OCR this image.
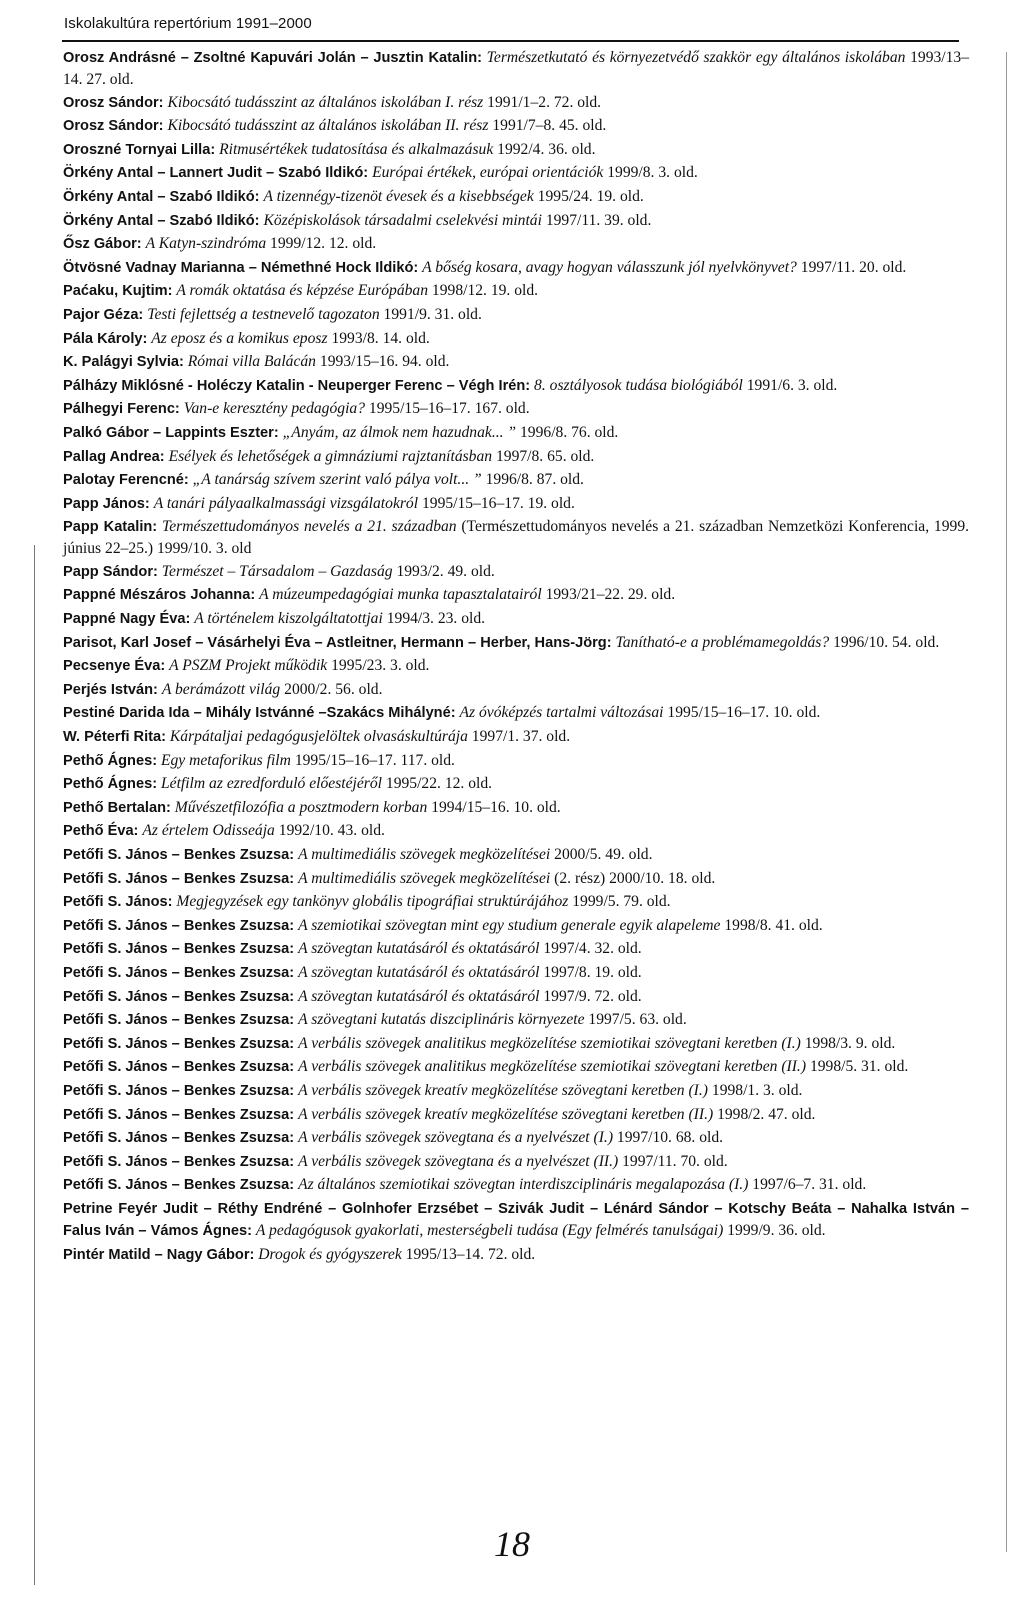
Iskolakultúra repertórium 1991–2000

Orosz Andrásné – Zsoltné Kapuvári Jolán – Jusztin Katalin: Természetkutató és környezetvédő szakkör egy általános iskolában 1993/13–14. 27. old.

Orosz Sándor: Kibocsátó tudásszint az általános iskolában I. rész 1991/1–2. 72. old.

Orosz Sándor: Kibocsátó tudásszint az általános iskolában II. rész 1991/7–8. 45. old.

Oroszné Tornyai Lilla: Ritmusértékek tudatosítása és alkalmazásuk 1992/4. 36. old.

Örkény Antal – Lannert Judit – Szabó Ildikó: Európai értékek, európai orientációk 1999/8. 3. old.

Örkény Antal – Szabó Ildikó: A tizennégy-tizenöt évesek és a kisebbségek 1995/24. 19. old.

Örkény Antal – Szabó Ildikó: Középiskolások társadalmi cselekvési mintái 1997/11. 39. old.

Ősz Gábor: A Katyn-szindróma 1999/12. 12. old.

Ötvösné Vadnay Marianna – Némethné Hock Ildikó: A bőség kosara, avagy hogyan válasszunk jól nyelvkönyvet? 1997/11. 20. old.

Paćaku, Kujtim: A romák oktatása és képzése Európában 1998/12. 19. old.

Pajor Géza: Testi fejlettség a testnevelő tagozaton 1991/9. 31. old.

Pála Károly: Az eposz és a komikus eposz 1993/8. 14. old.

K. Palágyi Sylvia: Római villa Balácán 1993/15–16. 94. old.

Pálházy Miklósné - Holéczy Katalin - Neuperger Ferenc – Végh Irén: 8. osztályosok tudása biológiából 1991/6. 3. old.

Pálhegyi Ferenc: Van-e keresztény pedagógia? 1995/15–16–17. 167. old.

Palkó Gábor – Lappints Eszter: „Anyám, az álmok nem hazudnak... ” 1996/8. 76. old.

Pallag Andrea: Esélyek és lehetőségek a gimnáziumi rajztanításban 1997/8. 65. old.

Palotay Ferencné: „A tanárság szívem szerint való pálya volt... ” 1996/8. 87. old.

Papp János: A tanári pályaalkalmassági vizsgálatokról 1995/15–16–17. 19. old.

Papp Katalin: Természettudományos nevelés a 21. században (Természettudományos nevelés a 21. században Nemzetközi Konferencia, 1999. június 22–25.) 1999/10. 3. old

Papp Sándor: Természet – Társadalom – Gazdaság 1993/2. 49. old.

Pappné Mészáros Johanna: A múzeumpedagógiai munka tapasztalatairól 1993/21–22. 29. old.

Pappné Nagy Éva: A történelem kiszolgáltatottjai 1994/3. 23. old.

Parisot, Karl Josef – Vásárhelyi Éva – Astleitner, Hermann – Herber, Hans-Jörg: Tanítható-e a problémamegoldás? 1996/10. 54. old.

Pecsenye Éva: A PSZM Projekt működik 1995/23. 3. old.

Perjés István: A berámázott világ 2000/2. 56. old.

Pestiné Darida Ida – Mihály Istvánné –Szakács Mihályné: Az óvóképzés tartalmi változásai 1995/15–16–17. 10. old.

W. Péterfi Rita: Kárpátaljai pedagógusjelöltek olvasáskultúrája 1997/1. 37. old.

Pethő Ágnes: Egy metaforikus film 1995/15–16–17. 117. old.

Pethő Ágnes: Létfilm az ezredforduló előestéjéről 1995/22. 12. old.

Pethő Bertalan: Művészetfilozófia a posztmodern korban 1994/15–16. 10. old.

Pethő Éva: Az értelem Odisseája 1992/10. 43. old.

Petőfi S. János – Benkes Zsuzsa: A multimediális szövegek megközelítései 2000/5. 49. old.

Petőfi S. János – Benkes Zsuzsa: A multimediális szövegek megközelítései (2. rész) 2000/10. 18. old.

Petőfi S. János: Megjegyzések egy tankönyv globális tipográfiai struktúrájához 1999/5. 79. old.

Petőfi S. János – Benkes Zsuzsa: A szemiotikai szövegtan mint egy studium generale egyik alapeleme 1998/8. 41. old.

Petőfi S. János – Benkes Zsuzsa: A szövegtan kutatásáról és oktatásáról 1997/4. 32. old.

Petőfi S. János – Benkes Zsuzsa: A szövegtan kutatásáról és oktatásáról 1997/8. 19. old.

Petőfi S. János – Benkes Zsuzsa: A szövegtan kutatásáról és oktatásáról 1997/9. 72. old.

Petőfi S. János – Benkes Zsuzsa: A szövegtani kutatás diszciplináris környezete 1997/5. 63. old.

Petőfi S. János – Benkes Zsuzsa: A verbális szövegek analitikus megközelítése szemiotikai szövegtani keretben (I.) 1998/3. 9. old.

Petőfi S. János – Benkes Zsuzsa: A verbális szövegek analitikus megközelítése szemiotikai szövegtani keretben (II.) 1998/5. 31. old.

Petőfi S. János – Benkes Zsuzsa: A verbális szövegek kreatív megközelítése szövegtani keretben (I.) 1998/1. 3. old.

Petőfi S. János – Benkes Zsuzsa: A verbális szövegek kreatív megközelítése szövegtani keretben (II.) 1998/2. 47. old.

Petőfi S. János – Benkes Zsuzsa: A verbális szövegek szövegtana és a nyelvészet (I.) 1997/10. 68. old.

Petőfi S. János – Benkes Zsuzsa: A verbális szövegek szövegtana és a nyelvészet (II.) 1997/11. 70. old.

Petőfi S. János – Benkes Zsuzsa: Az általános szemiotikai szövegtan interdiszciplináris megalapozása (I.) 1997/6–7. 31. old.

Petrine Feyér Judit – Réthy Endréné – Golnhofer Erzsébet – Szivák Judit – Lénárd Sándor – Kotschy Beáta – Nahalka István – Falus Iván – Vámos Ágnes: A pedagógusok gyakorlati, mesterségbeli tudása (Egy felmérés tanulságai) 1999/9. 36. old.

Pintér Matild – Nagy Gábor: Drogok és gyógyszerek 1995/13–14. 72. old.

18
